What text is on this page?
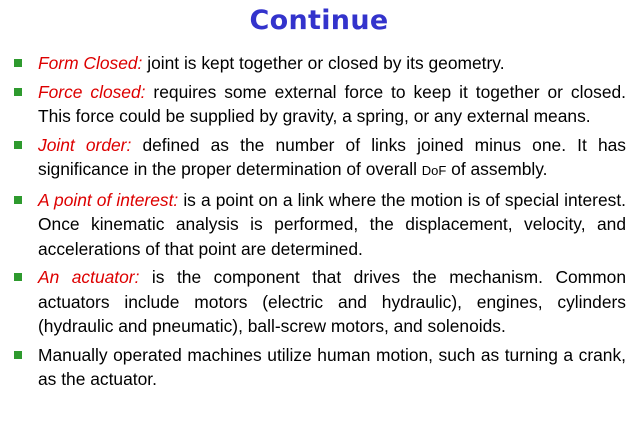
Continue
Form Closed: joint is kept together or closed by its geometry.
Force closed: requires some external force to keep it together or closed. This force could be supplied by gravity, a spring, or any external means.
Joint order: defined as the number of links joined minus one. It has significance in the proper determination of overall DoF of assembly.
A point of interest: is a point on a link where the motion is of special interest. Once kinematic analysis is performed, the displacement, velocity, and accelerations of that point are determined.
An actuator: is the component that drives the mechanism. Common actuators include motors (electric and hydraulic), engines, cylinders (hydraulic and pneumatic), ball-screw motors, and solenoids.
Manually operated machines utilize human motion, such as turning a crank, as the actuator.
